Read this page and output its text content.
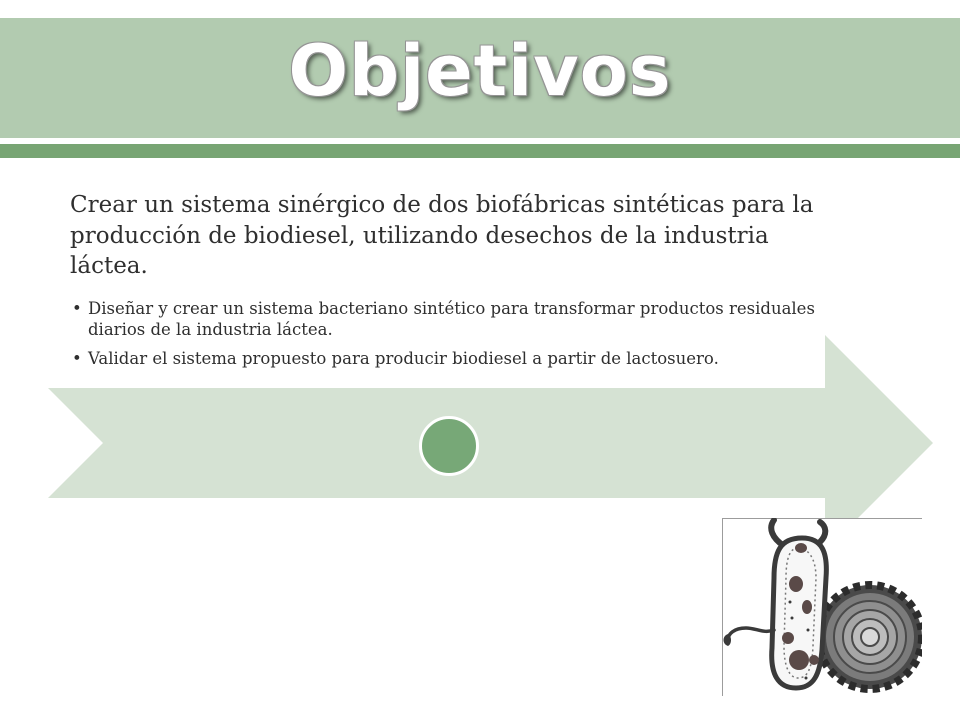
Objetivos

Crear un sistema sinérgico de dos biofábricas sintéticas para la producción de biodiesel, utilizando desechos de la industria láctea.

• Diseñar y crear un sistema bacteriano sintético para transformar productos residuales diarios de la industria láctea.
• Validar el sistema propuesto para producir biodiesel a partir de lactosuero.
